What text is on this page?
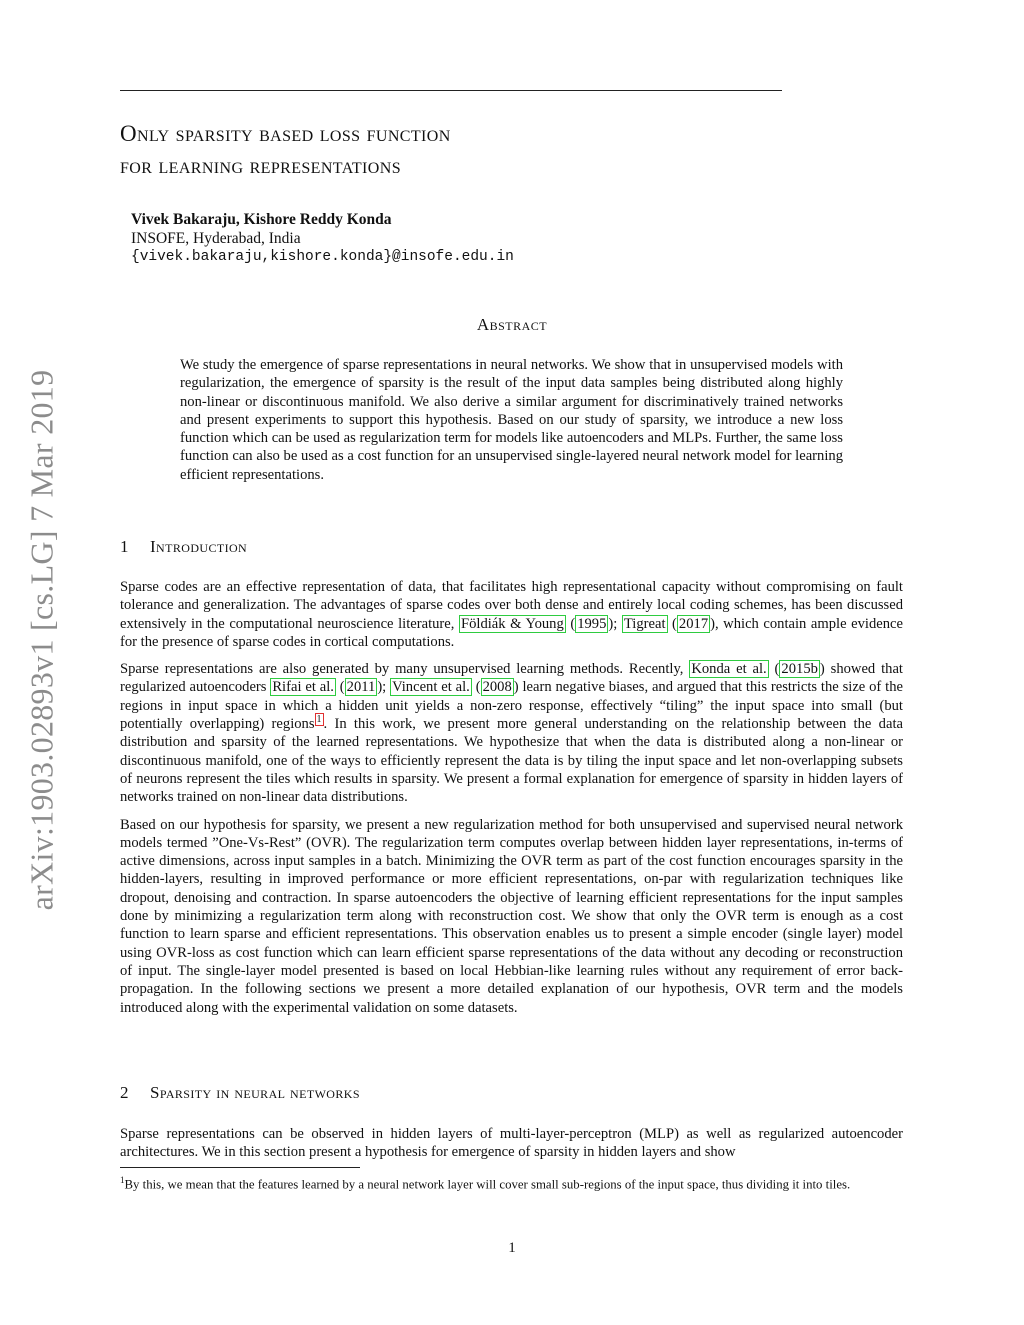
arXiv:1903.02893v1 [cs.LG] 7 Mar 2019
Only sparsity based loss function
for learning representations
Vivek Bakaraju, Kishore Reddy Konda
INSOFE, Hyderabad, India
{vivek.bakaraju,kishore.konda}@insofe.edu.in
Abstract

We study the emergence of sparse representations in neural networks. We show that in unsupervised models with regularization, the emergence of sparsity is the result of the input data samples being distributed along highly non-linear or discontinuous manifold. We also derive a similar argument for discriminatively trained networks and present experiments to support this hypothesis. Based on our study of sparsity, we introduce a new loss function which can be used as regularization term for models like autoencoders and MLPs. Further, the same loss function can also be used as a cost function for an unsupervised single-layered neural network model for learning efficient representations.

1 Introduction

Sparse codes are an effective representation of data, that facilitates high representational capacity without compromising on fault tolerance and generalization. The advantages of sparse codes over both dense and entirely local coding schemes, has been discussed extensively in the computational neuroscience literature, Földiák & Young ( 1995 ); Tigreat ( 2017 ), which contain ample evidence for the presence of sparse codes in cortical computations.

Sparse representations are also generated by many unsupervised learning methods. Recently, Konda et al. ( 2015b ) showed that regularized autoencoders Rifai et al. ( 2011 ); Vincent et al. ( 2008 ) learn negative biases, and argued that this restricts the size of the regions in input space in which a hidden unit yields a non-zero response, effectively “tiling” the input space into small (but potentially overlapping) regions $^1$ . In this work, we present more general understanding on the relationship between the data distribution and sparsity of the learned representations. We hypothesize that when the data is distributed along a non-linear or discontinuous manifold, one of the ways to efficiently represent the data is by tiling the input space and let non-overlapping subsets of neurons represent the tiles which results in sparsity. We present a formal explanation for emergence of sparsity in hidden layers of networks trained on non-linear data distributions.

Based on our hypothesis for sparsity, we present a new regularization method for both unsupervised and supervised neural network models termed ”One-Vs-Rest” (OVR). The regularization term computes overlap between hidden layer representations, in-terms of active dimensions, across input samples in a batch. Minimizing the OVR term as part of the cost function encourages sparsity in the hidden-layers, resulting in improved performance or more efficient representations, on-par with regularization techniques like dropout, denoising and contraction. In sparse autoencoders the objective of learning efficient representations for the input samples done by minimizing a regularization term along with reconstruction cost. We show that only the OVR term is enough as a cost function to learn sparse and efficient representations. This observation enables us to present a simple encoder (single layer) model using OVR-loss as cost function which can learn efficient sparse representations of the data without any decoding or reconstruction of input. The single-layer model presented is based on local Hebbian-like learning rules without any requirement of error back-propagation. In the following sections we present a more detailed explanation of our hypothesis, OVR term and the models introduced along with the experimental validation on some datasets.

2 Sparsity in neural networks

Sparse representations can be observed in hidden layers of multi-layer-perceptron (MLP) as well as regularized autoencoder architectures. We in this section present a hypothesis for emergence of sparsity in hidden layers and show

$^1$By this, we mean that the features learned by a neural network layer will cover small sub-regions of the input space, thus dividing it into tiles.
1
